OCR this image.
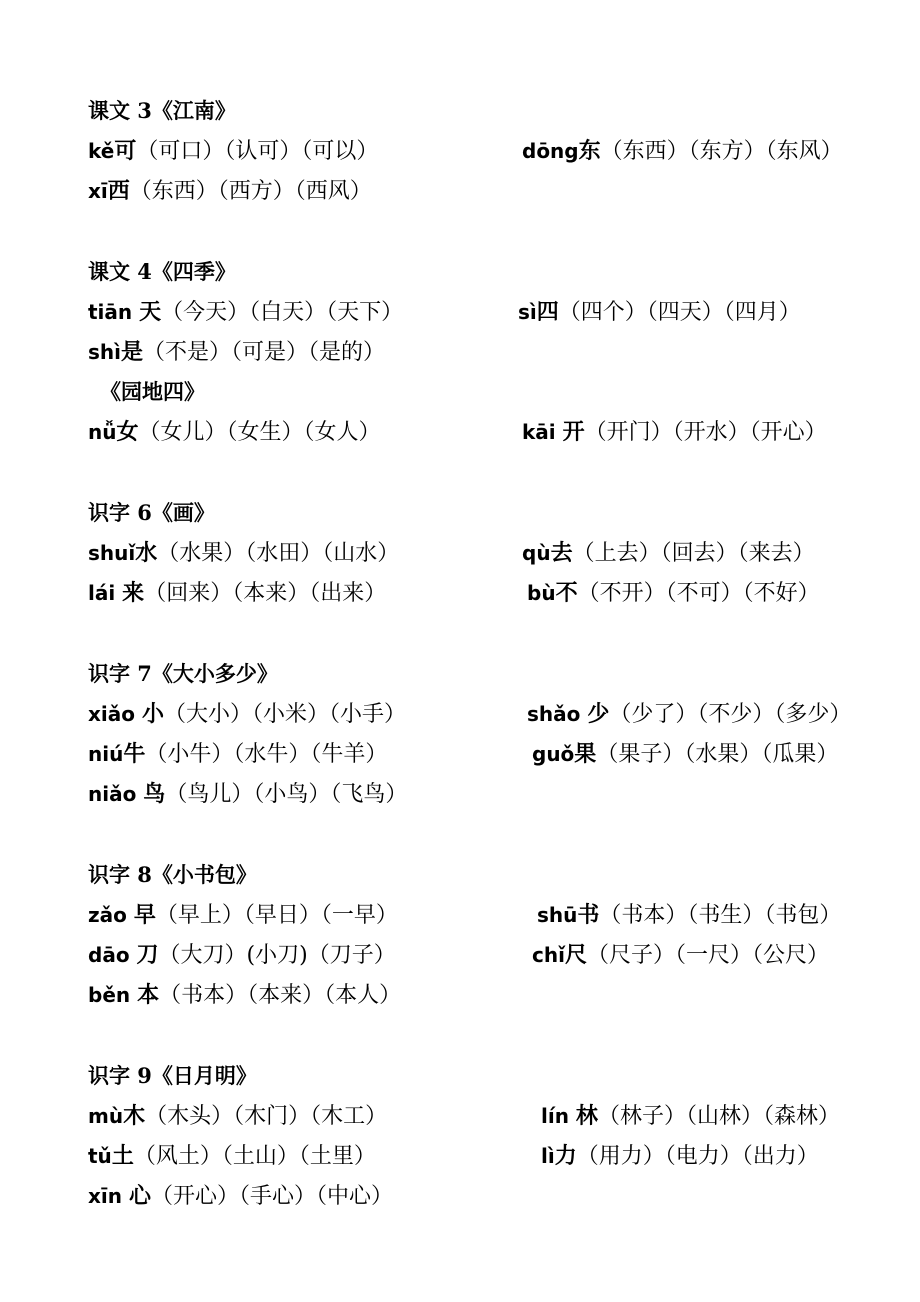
课文 3《江南》
kě可（可口）（认可）（可以）	dōng东（东西）（东方）（东风）
xī西（东西）（西方）（西风）
课文 4《四季》
tiān 天（今天）（白天）（天下）	sì四（四个）（四天）（四月）
shì是（不是）（可是）（是的）
《园地四》
nǚ女（女儿）（女生）（女人）	kāi 开（开门）（开水）（开心）
识字 6《画》
shuǐ水（水果）（水田）（山水）	qù去（上去）（回去）（来去）
lái 来（回来）（本来）（出来）	bù不（不开）（不可）（不好）
识字 7《大小多少》
xiǎo 小（大小）（小米）（小手）	shǎo 少（少了）（不少）（多少）
niú牛（小牛）（水牛）（牛羊）	guǒ果（果子）（水果）（瓜果）
niǎo 鸟（鸟儿）（小鸟）（飞鸟）
识字 8《小书包》
zǎo 早（早上）（早日）（一早）	shū书（书本）（书生）（书包）
dāo 刀（大刀）(小刀)（刀子）	chǐ尺（尺子）（一尺）（公尺）
běn 本（书本）（本来）（本人）
识字 9《日月明》
mù木（木头）（木门）（木工）	lín 林（林子）（山林）（森林）
tǔ土（风土）（土山）（土里）	lì力（用力）（电力）（出力）
xīn 心（开心）（手心）（中心）
